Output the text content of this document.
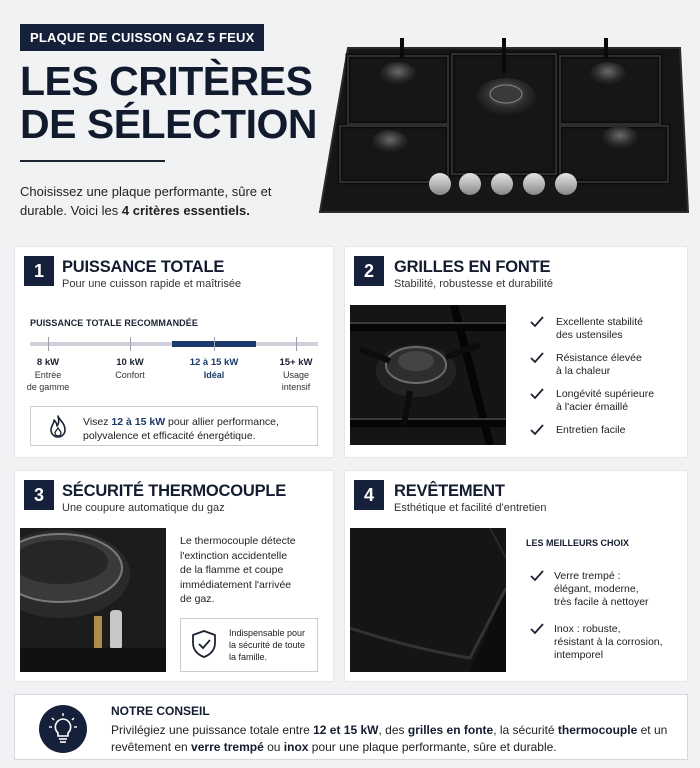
PLAQUE DE CUISSON GAZ 5 FEUX
LES CRITÈRES
DE SÉLECTION
Choisissez une plaque performante, sûre et durable. Voici les 4 critères essentiels.
1	PUISSANCE TOTALE
Pour une cuisson rapide et maîtrisée
PUISSANCE TOTALE RECOMMANDÉE
8 kW
Entrée
de gamme
10 kW
Confort
12 à 15 kW
Idéal
15+ kW
Usage
intensif
Visez 12 à 15 kW pour allier performance, polyvalence et efficacité énergétique.
2	GRILLES EN FONTE
Stabilité, robustesse et durabilité
Excellente stabilité
des ustensiles
Résistance élevée
à la chaleur
Longévité supérieure
à l'acier émaillé
Entretien facile
3	SÉCURITÉ THERMOCOUPLE
Une coupure automatique du gaz
Le thermocouple détecte
l'extinction accidentelle
de la flamme et coupe
immédiatement l'arrivée
de gaz.
Indispensable pour
la sécurité de toute
la famille.
4	REVÊTEMENT
Esthétique et facilité d'entretien
LES MEILLEURS CHOIX
Verre trempé :
élégant, moderne,
très facile à nettoyer
Inox : robuste,
résistant à la corrosion,
intemporel
NOTRE CONSEIL
Privilégiez une puissance totale entre 12 et 15 kW, des grilles en fonte, la sécurité thermocouple et un revêtement en verre trempé ou inox pour une plaque performante, sûre et durable.
